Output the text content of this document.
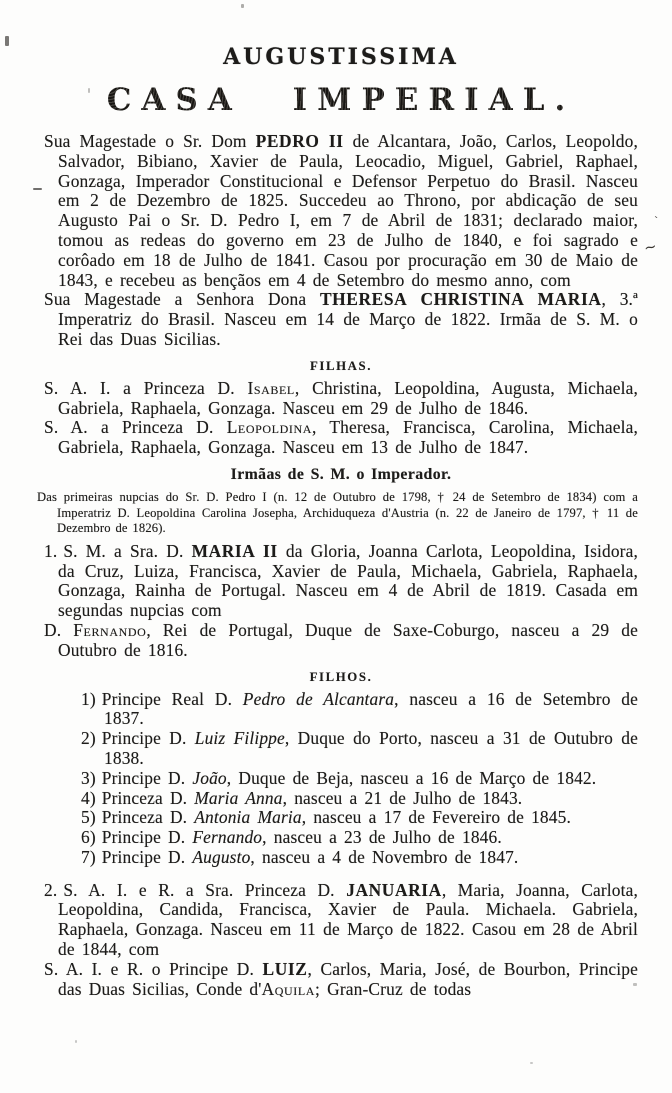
AUGUSTISSIMA
CASA IMPERIAL.

Sua Magestade o Sr. Dom PEDRO II de Alcantara, João, Carlos, Leopoldo, Salvador, Bibiano, Xavier de Paula, Leocadio, Miguel, Gabriel, Raphael, Gonzaga, Imperador Constitucional e Defensor Perpetuo do Brasil. Nasceu em 2 de Dezembro de 1825. Succedeu ao Throno, por abdicação de seu Augusto Pai o Sr. D. Pedro I, em 7 de Abril de 1831; declarado maior, tomou as redeas do governo em 23 de Julho de 1840, e foi sagrado e corôado em 18 de Julho de 1841. Casou por procuração em 30 de Maio de 1843, e recebeu as bençãos em 4 de Setembro do mesmo anno, com

Sua Magestade a Senhora Dona THERESA CHRISTINA MARIA, 3.ª Imperatriz do Brasil. Nasceu em 14 de Março de 1822. Irmãa de S. M. o Rei das Duas Sicilias.

FILHAS.

S. A. I. a Princeza D. Isabel, Christina, Leopoldina, Augusta, Michaela, Gabriela, Raphaela, Gonzaga. Nasceu em 29 de Julho de 1846.

S. A. a Princeza D. Leopoldina, Theresa, Francisca, Carolina, Michaela, Gabriela, Raphaela, Gonzaga. Nasceu em 13 de Julho de 1847.

Irmãas de S. M. o Imperador.

Das primeiras nupcias do Sr. D. Pedro I (n. 12 de Outubro de 1798, † 24 de Setembro de 1834) com a Imperatriz D. Leopoldina Carolina Josepha, Archiduqueza d'Austria (n. 22 de Janeiro de 1797, † 11 de Dezembro de 1826).

1. S. M. a Sra. D. MARIA II da Gloria, Joanna Carlota, Leopoldina, Isidora, da Cruz, Luiza, Francisca, Xavier de Paula, Michaela, Gabriela, Raphaela, Gonzaga, Rainha de Portugal. Nasceu em 4 de Abril de 1819. Casada em segundas nupcias com

D. Fernando, Rei de Portugal, Duque de Saxe-Coburgo, nasceu a 29 de Outubro de 1816.

FILHOS.

1) Principe Real D. Pedro de Alcantara, nasceu a 16 de Setembro de 1837.

2) Principe D. Luiz Filippe, Duque do Porto, nasceu a 31 de Outubro de 1838.

3) Principe D. João, Duque de Beja, nasceu a 16 de Março de 1842.

4) Princeza D. Maria Anna, nasceu a 21 de Julho de 1843.

5) Princeza D. Antonia Maria, nasceu a 17 de Fevereiro de 1845.

6) Principe D. Fernando, nasceu a 23 de Julho de 1846.

7) Principe D. Augusto, nasceu a 4 de Novembro de 1847.

2. S. A. I. e R. a Sra. Princeza D. JANUARIA, Maria, Joanna, Carlota, Leopoldina, Candida, Francisca, Xavier de Paula. Michaela. Gabriela, Raphaela, Gonzaga. Nasceu em 11 de Março de 1822. Casou em 28 de Abril de 1844, com

S. A. I. e R. o Principe D. LUIZ, Carlos, Maria, José, de Bourbon, Principe das Duas Sicilias, Conde d'Aquila; Gran-Cruz de todas

~
`
